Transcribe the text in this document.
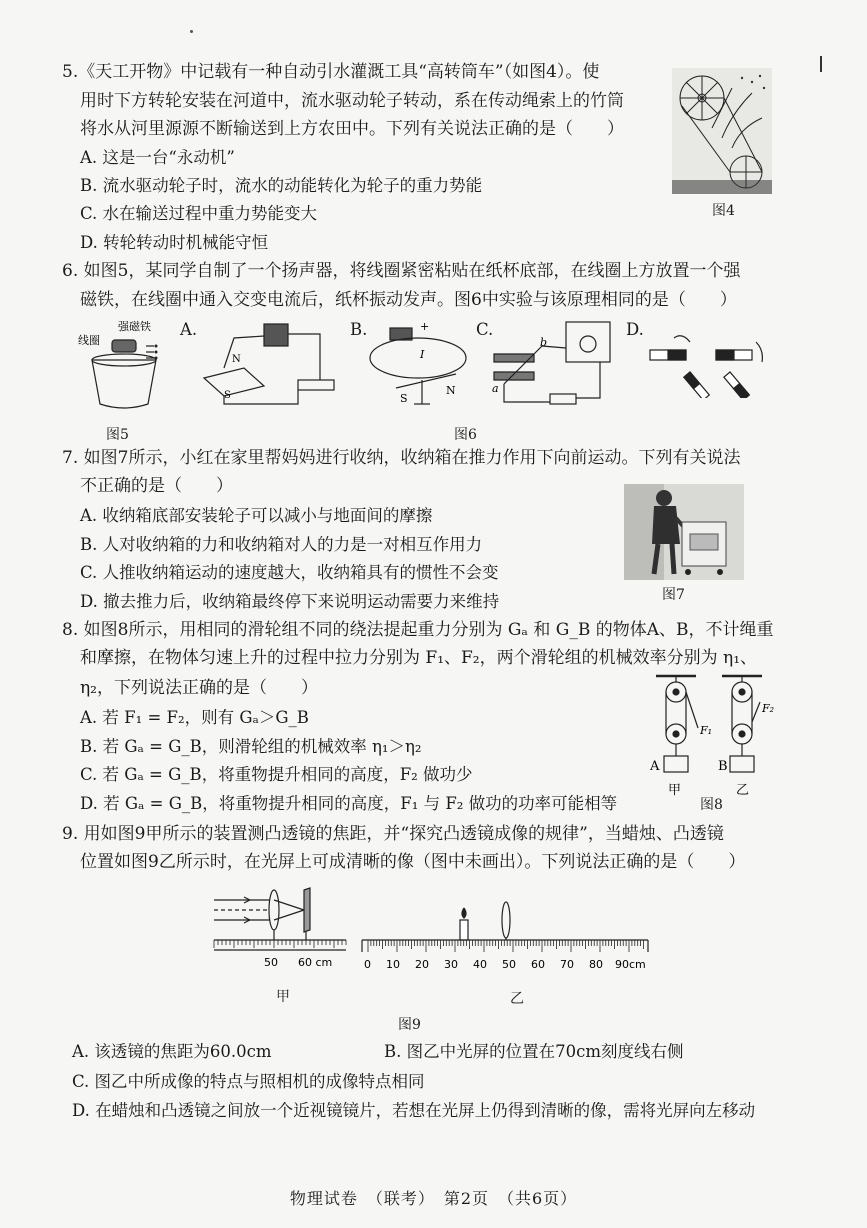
5.《天工开物》中记载有一种自动引水灌溉工具“高转筒车”（如图4）。使
用时下方转轮安装在河道中，流水驱动轮子转动，系在传动绳索上的竹筒
将水从河里源源不断输送到上方农田中。下列有关说法正确的是（　　）
A. 这是一台“永动机”
B. 流水驱动轮子时，流水的动能转化为轮子的重力势能
C. 水在输送过程中重力势能变大
D. 转轮转动时机械能守恒
图4
6. 如图5，某同学自制了一个扬声器，将线圈紧密粘贴在纸杯底部，在线圈上方放置一个强
磁铁，在线圈中通入交变电流后，纸杯振动发声。图6中实验与该原理相同的是（　　）
线圈
强磁铁
图5
A.
N
S
B.	+
I
S
N
C.
a
b
D.
图6
7. 如图7所示，小红在家里帮妈妈进行收纳，收纳箱在推力作用下向前运动。下列有关说法
不正确的是（　　）
A. 收纳箱底部安装轮子可以减小与地面间的摩擦
B. 人对收纳箱的力和收纳箱对人的力是一对相互作用力
C. 人推收纳箱运动的速度越大，收纳箱具有的惯性不会变
D. 撤去推力后，收纳箱最终停下来说明运动需要力来维持	图7
8. 如图8所示，用相同的滑轮组不同的绕法提起重力分别为 Gₐ 和 G_B 的物体A、B，不计绳重
和摩擦，在物体匀速上升的过程中拉力分别为 F₁、F₂，两个滑轮组的机械效率分别为 η₁、
η₂，下列说法正确的是（　　）
A. 若 F₁ = F₂，则有 Gₐ＞G_B
B. 若 Gₐ = G_B，则滑轮组的机械效率 η₁＞η₂
C. 若 Gₐ = G_B，将重物提升相同的高度，F₂ 做功少
D. 若 Gₐ = G_B，将重物提升相同的高度，F₁ 与 F₂ 做功的功率可能相等
F₁
F₂
A	B
甲	乙
图8
9. 用如图9甲所示的装置测凸透镜的焦距，并“探究凸透镜成像的规律”，当蜡烛、凸透镜
位置如图9乙所示时，在光屏上可成清晰的像（图中未画出）。下列说法正确的是（　　）
50 60 cm
甲
0 10 20 30 40 50 60 70 80 90cm
乙
图9
A. 该透镜的焦距为60.0cm	B. 图乙中光屏的位置在70cm刻度线右侧
C. 图乙中所成像的特点与照相机的成像特点相同
D. 在蜡烛和凸透镜之间放一个近视镜镜片，若想在光屏上仍得到清晰的像，需将光屏向左移动
物理试卷　（联考）　第2页　（共6页）
